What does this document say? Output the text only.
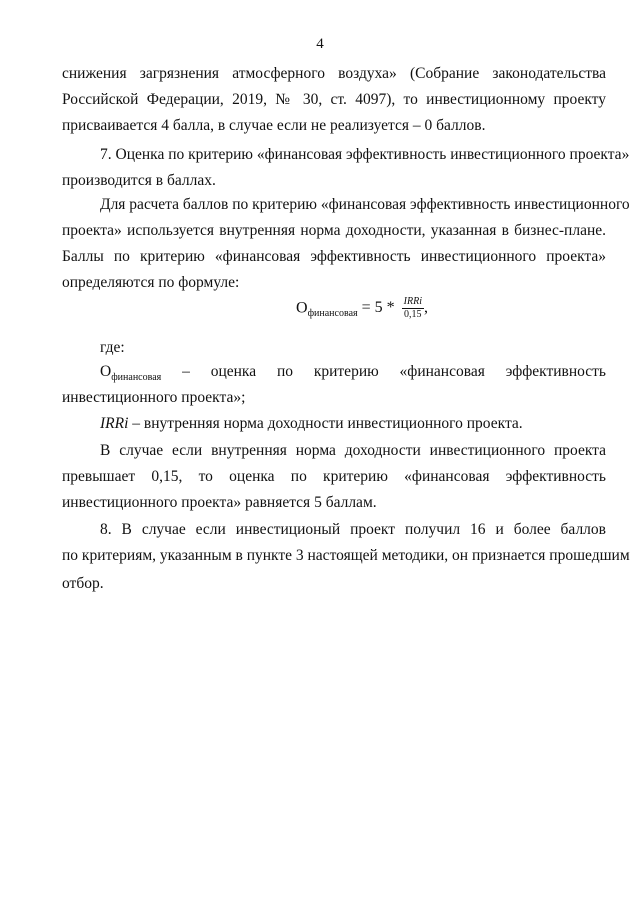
4
снижения загрязнения атмосферного воздуха» (Собрание законодательства
Российской Федерации, 2019, № 30, ст. 4097), то инвестиционному проекту
присваивается 4 балла, в случае если не реализуется – 0 баллов.
7. Оценка по критерию «финансовая эффективность инвестиционного проекта»
производится в баллах.
Для расчета баллов по критерию «финансовая эффективность инвестиционного
проекта» используется внутренняя норма доходности, указанная в бизнес-плане.
Баллы по критерию «финансовая эффективность инвестиционного проекта»
определяются по формуле:
$О_{финансовая} = 5 * \frac{\text{IRRi}}{0,15}$ ,
где:
$О_{финансовая}$ – оценка по критерию «финансовая эффективность
инвестиционного проекта»;
IRRi – внутренняя норма доходности инвестиционного проекта.
В случае если внутренняя норма доходности инвестиционного проекта
превышает 0,15, то оценка по критерию «финансовая эффективность
инвестиционного проекта» равняется 5 баллам.
8. В случае если инвестиционый проект получил 16 и более баллов
по критериям, указанным в пункте 3 настоящей методики, он признается прошедшим
отбор.
